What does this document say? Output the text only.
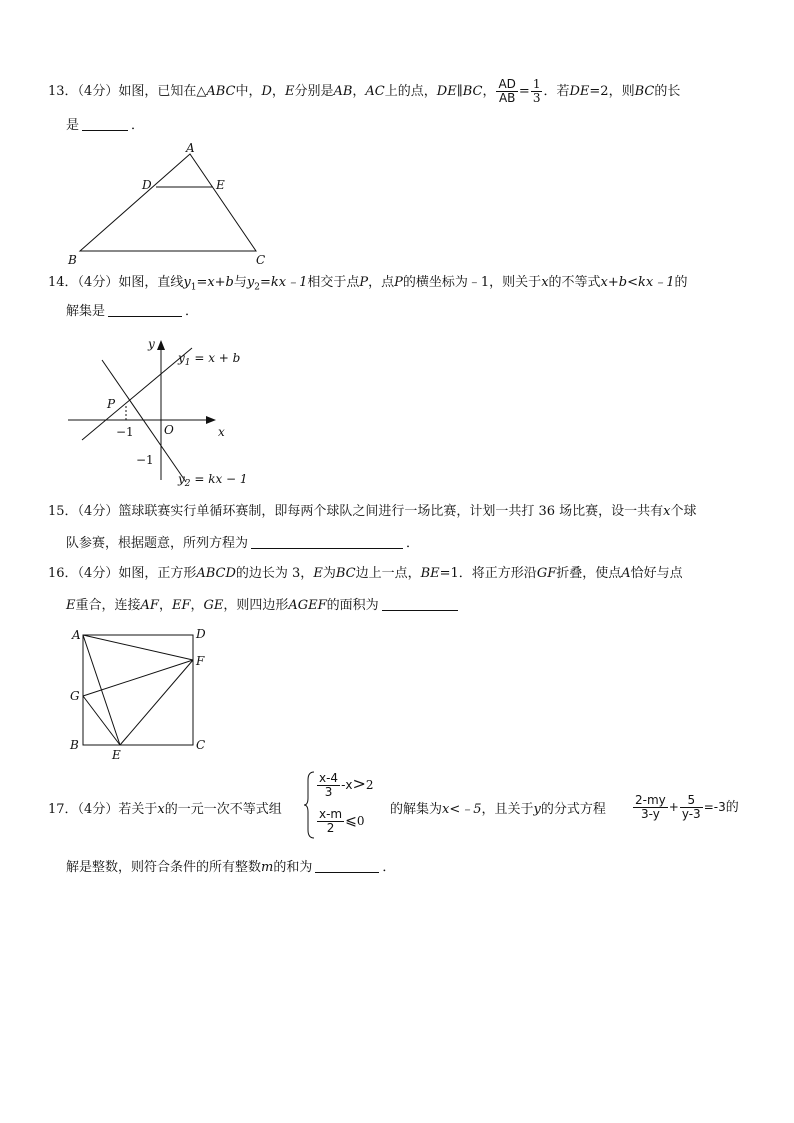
13．（4分）如图，已知在△ABC中，D，E分别是AB，AC上的点，DE∥BC， $\frac{AD}{AB} = \frac{1}{3}$ ．若DE=2，则BC的长
是	．
A
D	E
B	C
14．（4分）如图，直线$y_1=x+b$与$y_2=kx﹣1$相交于点P，点P的横坐标为﹣1，则关于x的不等式x+b<kx﹣1的
解集是	．
x
y
O
P
−1
−1
$y_1 = x + b$
$y_2$ = kx − 1
15．（4分）篮球联赛实行单循环赛制，即每两个球队之间进行一场比赛，计划一共打 36 场比赛，设一共有x个球
队参赛，根据题意，所列方程为	．
16．（4分）如图，正方形ABCD的边长为 3，E为BC边上一点，BE=1．将正方形沿GF折叠，使点A恰好与点
E重合，连接AF，EF，GE，则四边形AGEF的面积为
A	D
F
G
B	C
E
17．（4分）若关于x的一元一次不等式组
$\frac{x-4}{3} -x>2$
$\frac{x-m}{2}$ ⩽0
的解集为x<﹣5，且关于y的分式方程 $\frac{2-my}{3-y} + \frac{5}{y-3} =-3$的
解是整数，则符合条件的所有整数m的和为	．
